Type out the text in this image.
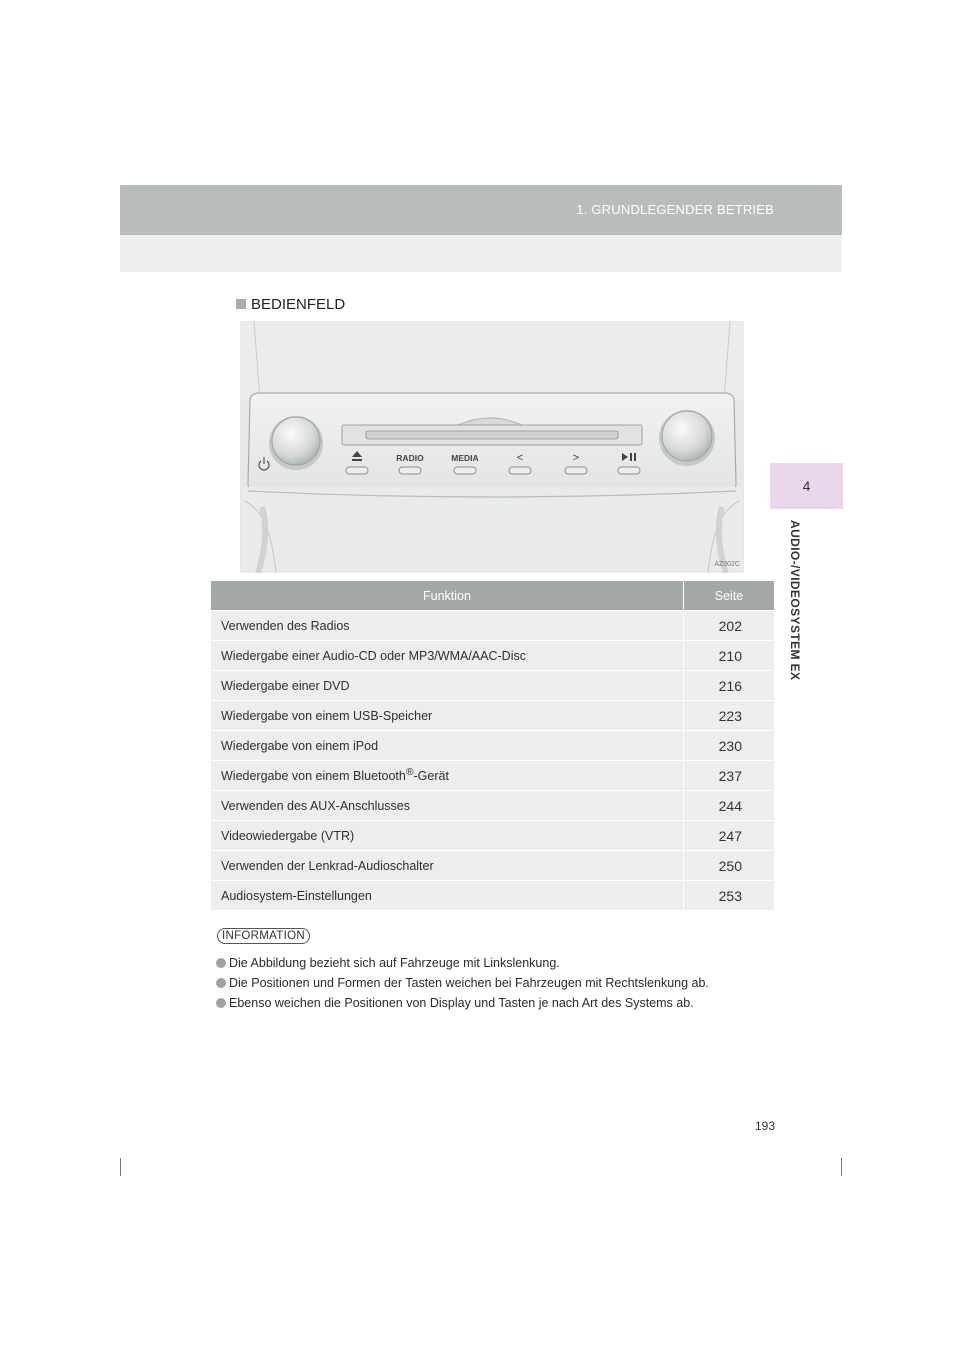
1. GRUNDLEGENDER BETRIEB
4
AUDIO-/VIDEOSYSTEM EX
BEDIENFELD
RADIO	MEDIA	<	>
AZ002C
Funktion	Seite
Verwenden des Radios	202
Wiedergabe einer Audio-CD oder MP3/WMA/AAC-Disc	210
Wiedergabe einer DVD	216
Wiedergabe von einem USB-Speicher	223
Wiedergabe von einem iPod	230
Wiedergabe von einem Bluetooth®-Gerät	237
Verwenden des AUX-Anschlusses	244
Videowiedergabe (VTR)	247
Verwenden der Lenkrad-Audioschalter	250
Audiosystem-Einstellungen	253
INFORMATION
Die Abbildung bezieht sich auf Fahrzeuge mit Linkslenkung.
Die Positionen und Formen der Tasten weichen bei Fahrzeugen mit Rechtslenkung ab.
Ebenso weichen die Positionen von Display und Tasten je nach Art des Systems ab.
193
